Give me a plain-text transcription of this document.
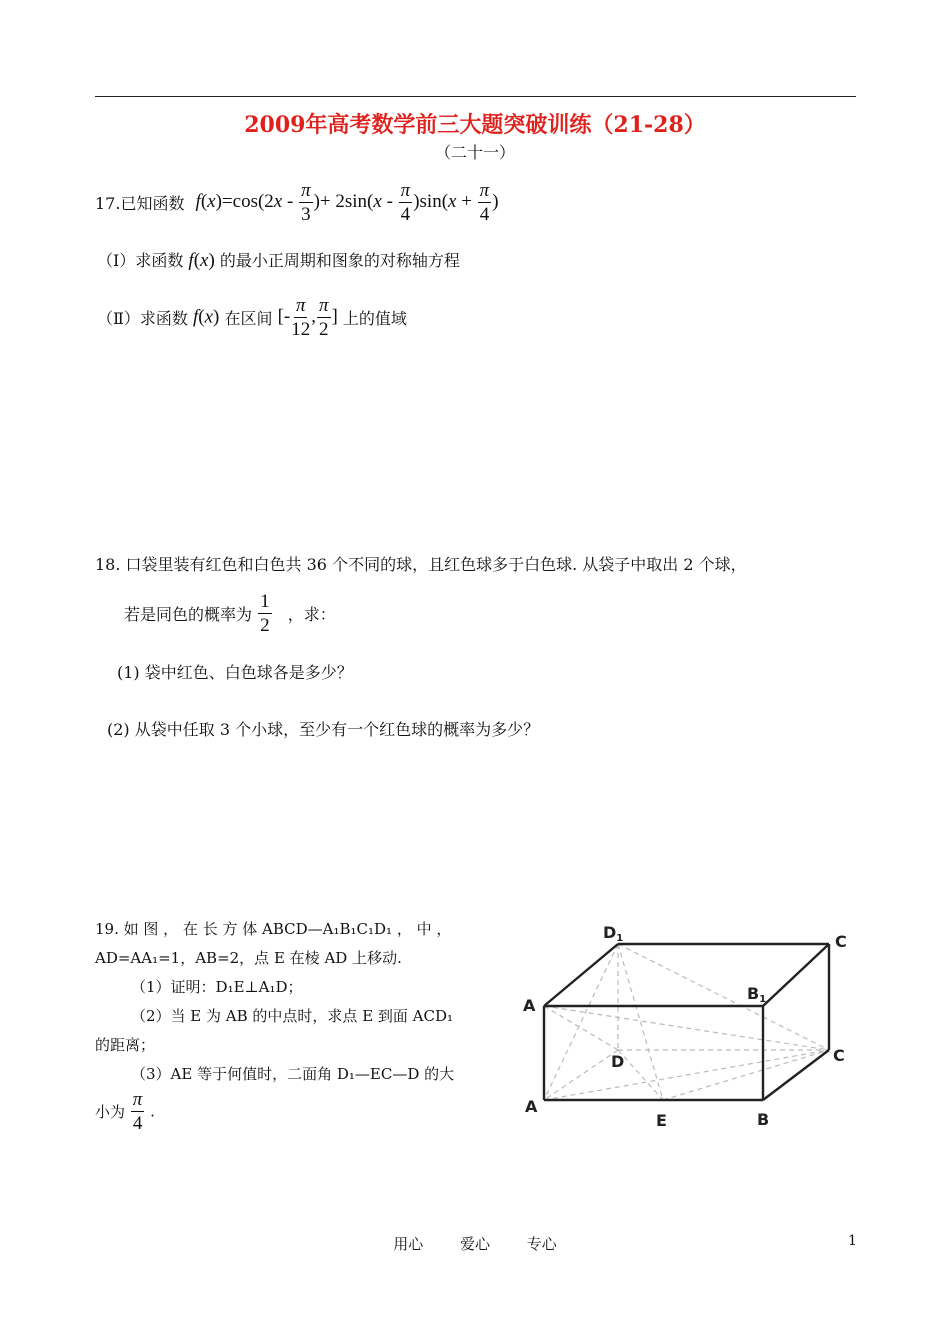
2009年高考数学前三大题突破训练（21-28）
（二十一）
17.已知函数 $f(x)=\cos(2x - \frac{\pi}{3}$ )+ $2\sin(x - \frac{\pi}{4} )\sin(x + \frac{\pi}{4}$ )
（Ⅰ）求函数 f(x) 的最小正周期和图象的对称轴方程
（Ⅱ）求函数 f(x) 在区间 [- $\frac{\pi}{12}$ , $\frac{\pi}{2}$ ] 上的值域
18. 口袋里装有红色和白色共 36 个不同的球，且红色球多于白色球. 从袋子中取出 2 个球，
若是同色的概率为 $\frac{1}{2}$ ，求：
(1) 袋中红色、白色球各是多少？
(2) 从袋中任取 3 个小球，至少有一个红色球的概率为多少？
19. 如 图 ， 在 长 方 体 ABCD—A₁B₁C₁D₁ ， 中 ，
AD=AA₁=1，AB=2，点 E 在棱 AD 上移动.
（1）证明：D₁E⊥A₁D；
（2）当 E 为 AB 的中点时，求点 E 到面 ACD₁
的距离；
（3）AE 等于何值时，二面角 D₁—EC—D 的大
小为 $\frac{\pi}{4}$ .
D1	C
A
B1
D	C
A
E	B
用心 爱心 专心	1
